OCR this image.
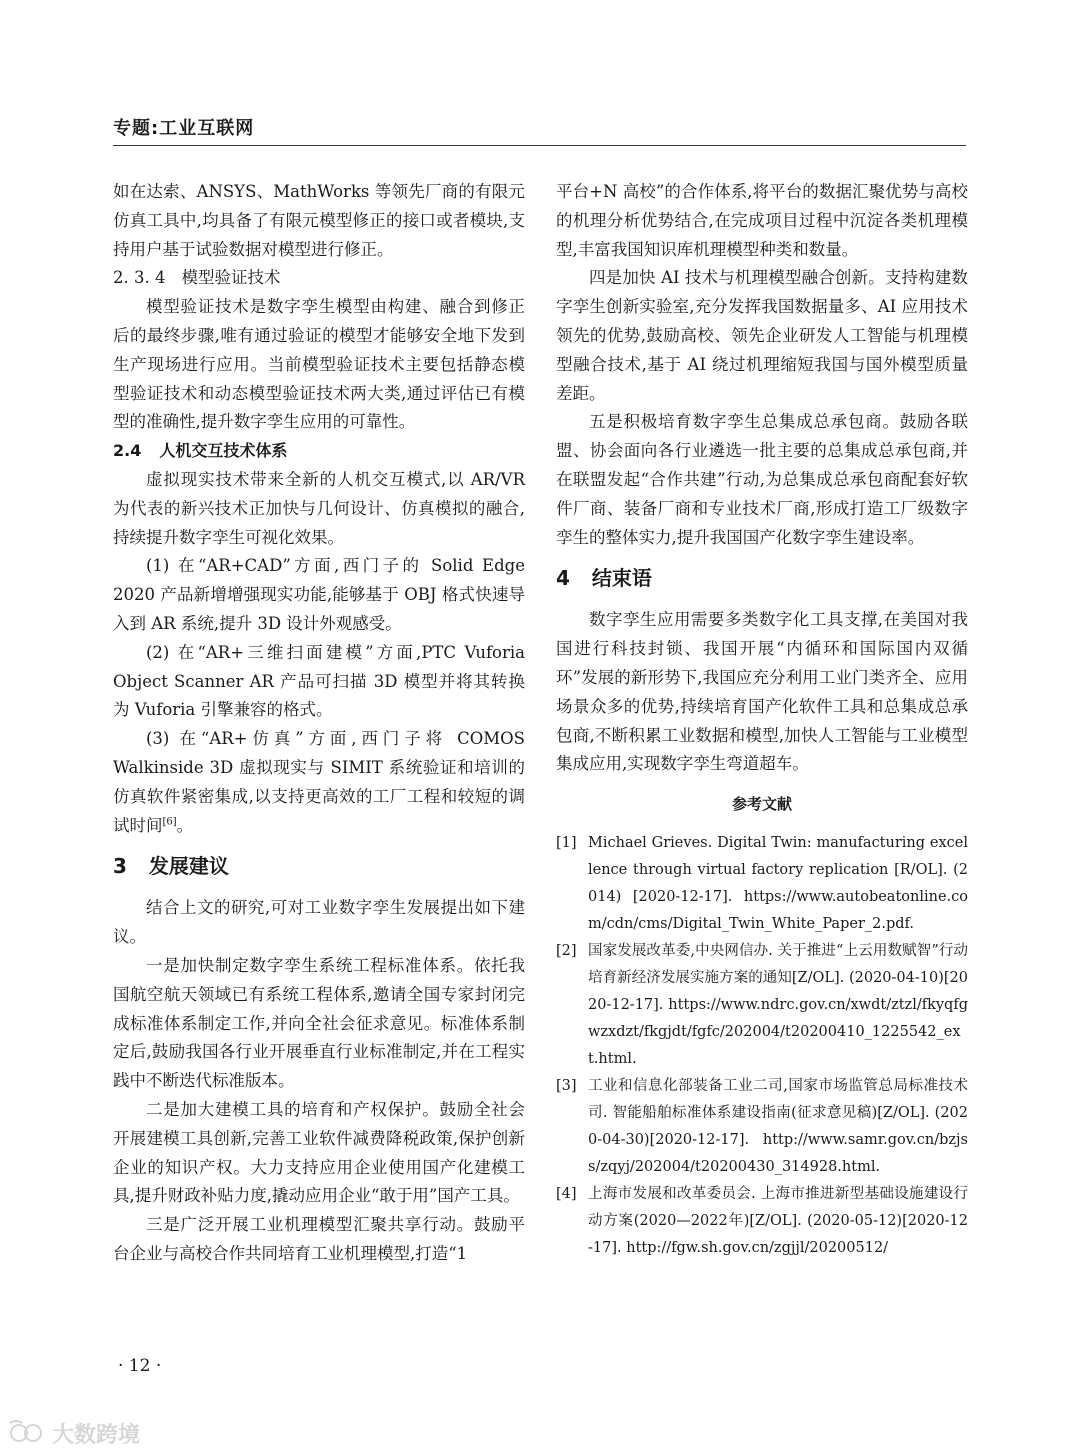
专题:工业互联网

如在达索、ANSYS、MathWorks 等领先厂商的有限元仿真工具中,均具备了有限元模型修正的接口或者模块,支持用户基于试验数据对模型进行修正。

2. 3. 4 模型验证技术

模型验证技术是数字孪生模型由构建、融合到修正后的最终步骤,唯有通过验证的模型才能够安全地下发到生产现场进行应用。当前模型验证技术主要包括静态模型验证技术和动态模型验证技术两大类,通过评估已有模型的准确性,提升数字孪生应用的可靠性。

2.4 人机交互技术体系

虚拟现实技术带来全新的人机交互模式,以 AR/VR 为代表的新兴技术正加快与几何设计、仿真模拟的融合,持续提升数字孪生可视化效果。

(1) 在“AR+CAD”方面,西门子的 Solid Edge 2020 产品新增增强现实功能,能够基于 OBJ 格式快速导入到 AR 系统,提升 3D 设计外观感受。

(2) 在“AR+三维扫面建模”方面,PTC Vuforia Object Scanner AR 产品可扫描 3D 模型并将其转换为 Vuforia 引擎兼容的格式。

(3) 在“AR+仿真”方面,西门子将 COMOS Walkinside 3D 虚拟现实与 SIMIT 系统验证和培训的仿真软件紧密集成,以支持更高效的工厂工程和较短的调试时间[6]。

3 发展建议

结合上文的研究,可对工业数字孪生发展提出如下建议。

一是加快制定数字孪生系统工程标准体系。依托我国航空航天领域已有系统工程体系,邀请全国专家封闭完成标准体系制定工作,并向全社会征求意见。标准体系制定后,鼓励我国各行业开展垂直行业标准制定,并在工程实践中不断迭代标准版本。

二是加大建模工具的培育和产权保护。鼓励全社会开展建模工具创新,完善工业软件减费降税政策,保护创新企业的知识产权。大力支持应用企业使用国产化建模工具,提升财政补贴力度,撬动应用企业“敢于用”国产工具。

三是广泛开展工业机理模型汇聚共享行动。鼓励平台企业与高校合作共同培育工业机理模型,打造“1

平台+N 高校”的合作体系,将平台的数据汇聚优势与高校的机理分析优势结合,在完成项目过程中沉淀各类机理模型,丰富我国知识库机理模型种类和数量。

四是加快 AI 技术与机理模型融合创新。支持构建数字孪生创新实验室,充分发挥我国数据量多、AI 应用技术领先的优势,鼓励高校、领先企业研发人工智能与机理模型融合技术,基于 AI 绕过机理缩短我国与国外模型质量差距。

五是积极培育数字孪生总集成总承包商。鼓励各联盟、协会面向各行业遴选一批主要的总集成总承包商,并在联盟发起“合作共建”行动,为总集成总承包商配套好软件厂商、装备厂商和专业技术厂商,形成打造工厂级数字孪生的整体实力,提升我国国产化数字孪生建设率。

4 结束语

数字孪生应用需要多类数字化工具支撑,在美国对我国进行科技封锁、我国开展“内循环和国际国内双循环”发展的新形势下,我国应充分利用工业门类齐全、应用场景众多的优势,持续培育国产化软件工具和总集成总承包商,不断积累工业数据和模型,加快人工智能与工业模型集成应用,实现数字孪生弯道超车。

参考文献
[1] Michael Grieves. Digital Twin: manufacturing excellence through virtual factory replication [R/OL]. (2014) [2020-12-17]. https://www.autobeatonline.com/cdn/cms/Digital_Twin_White_Paper_2.pdf.
[2] 国家发展改革委,中央网信办. 关于推进“上云用数赋智”行动 培育新经济发展实施方案的通知[Z/OL]. (2020-04-10)[2020-12-17]. https://www.ndrc.gov.cn/xwdt/ztzl/fkyqfgwzxdzt/fkgjdt/fgfc/202004/t20200410_1225542_ext.html.
[3] 工业和信息化部装备工业二司,国家市场监管总局标准技术司. 智能船舶标准体系建设指南(征求意见稿)[Z/OL]. (2020-04-30)[2020-12-17]. http://www.samr.gov.cn/bzjss/zqyj/202004/t20200430_314928.html.
[4] 上海市发展和改革委员会. 上海市推进新型基础设施建设行动方案(2020—2022年)[Z/OL]. (2020-05-12)[2020-12-17]. http://fgw.sh.gov.cn/zgjjl/20200512/
· 12 ·
大数跨境
